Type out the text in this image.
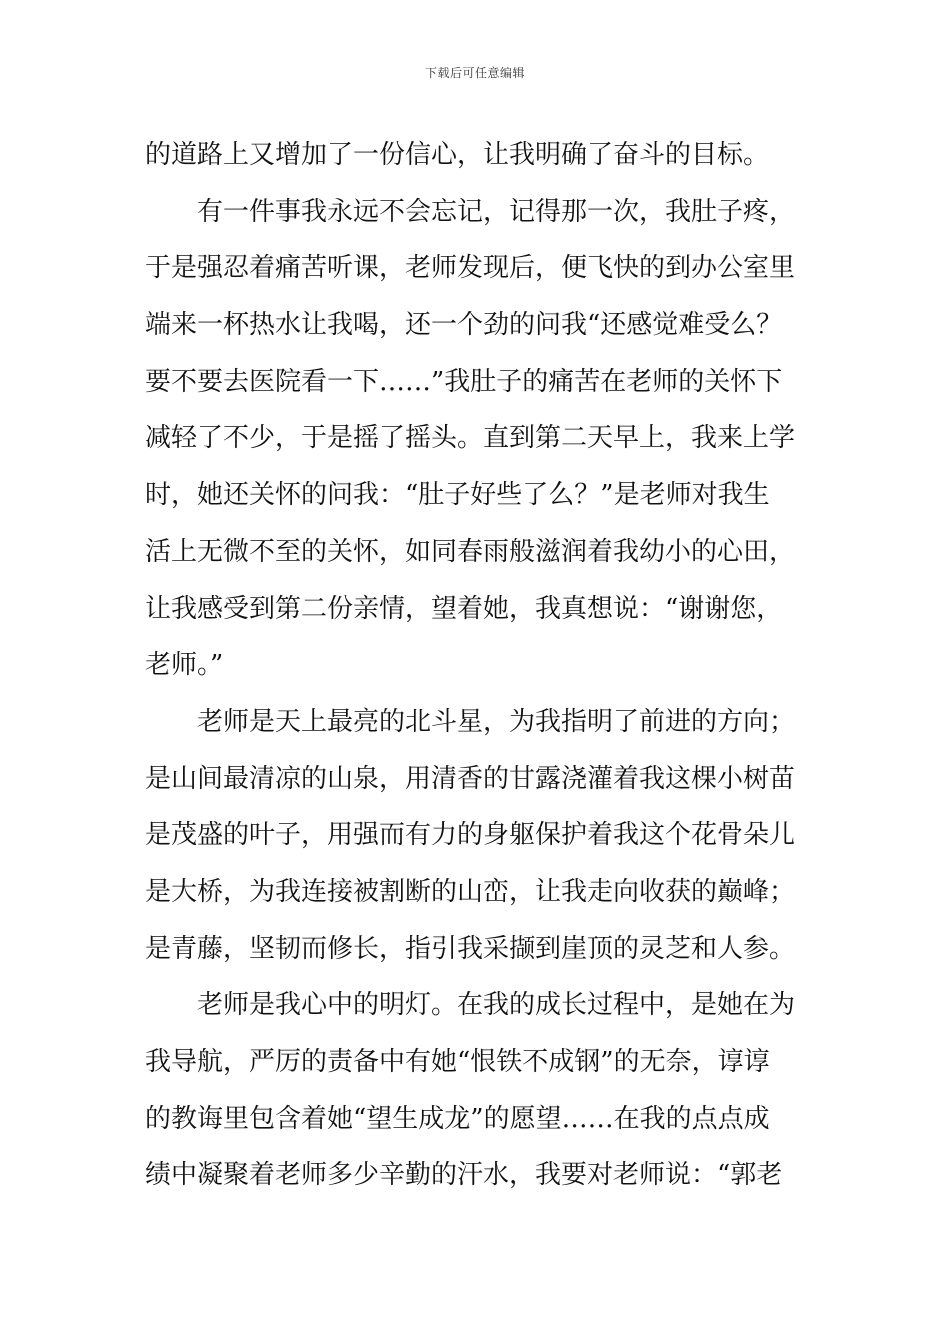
下载后可任意编辑
的道路上又增加了一份信心，让我明确了奋斗的目标。
有一件事我永远不会忘记，记得那一次，我肚子疼，
于是强忍着痛苦听课，老师发现后，便飞快的到办公室里
端来一杯热水让我喝，还一个劲的问我“还感觉难受么？
要不要去医院看一下……”我肚子的痛苦在老师的关怀下
减轻了不少，于是摇了摇头。直到第二天早上，我来上学
时，她还关怀的问我：“肚子好些了么？”是老师对我生
活上无微不至的关怀，如同春雨般滋润着我幼小的心田，
让我感受到第二份亲情，望着她，我真想说：“谢谢您，
老师。”
老师是天上最亮的北斗星，为我指明了前进的方向；
是山间最清凉的山泉，用清香的甘露浇灌着我这棵小树苗
是茂盛的叶子，用强而有力的身躯保护着我这个花骨朵儿
是大桥，为我连接被割断的山峦，让我走向收获的巅峰；
是青藤，坚韧而修长，指引我采撷到崖顶的灵芝和人参。
老师是我心中的明灯。在我的成长过程中，是她在为
我导航，严厉的责备中有她“恨铁不成钢”的无奈，谆谆
的教诲里包含着她“望生成龙”的愿望……在我的点点成
绩中凝聚着老师多少辛勤的汗水，我要对老师说：“郭老
